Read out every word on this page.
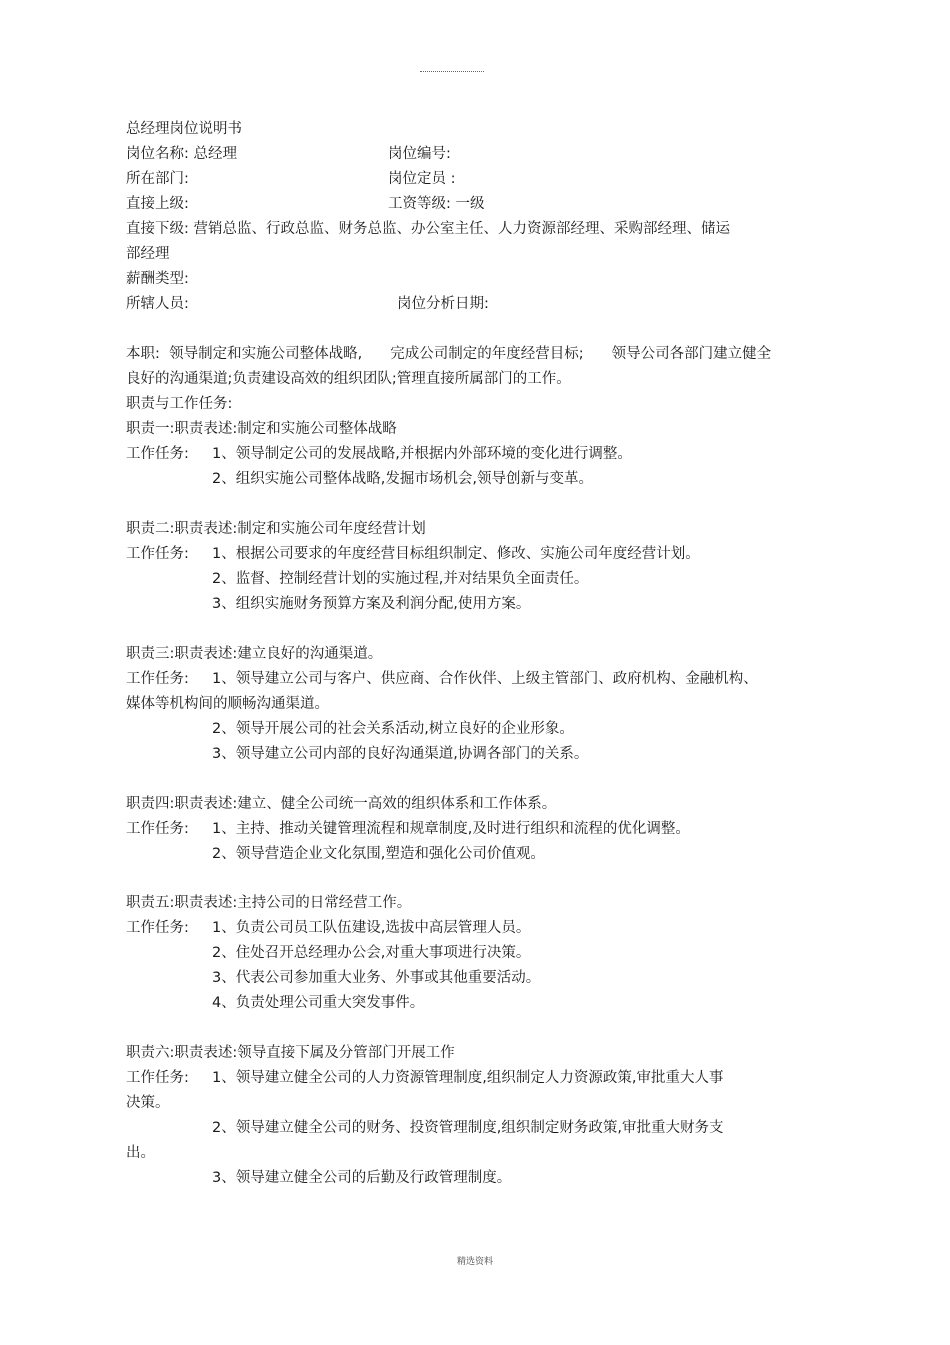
总经理岗位说明书

岗位名称: 总经理	岗位编号:

所在部门:	岗位定员 :

直接上级:	工资等级: 一级

直接下级: 营销总监、行政总监、财务总监、办公室主任、人力资源部经理、采购部经理、储运

部经理

薪酬类型:

所辖人员:	岗位分析日期:

本职: 领导制定和实施公司整体战略, 完成公司制定的年度经营目标; 领导公司各部门建立健全

良好的沟通渠道;负责建设高效的组织团队;管理直接所属部门的工作。

职责与工作任务:

职责一:职责表述:制定和实施公司整体战略

工作任务: 1、领导制定公司的发展战略,并根据内外部环境的变化进行调整。

2、组织实施公司整体战略,发掘市场机会,领导创新与变革。

职责二:职责表述:制定和实施公司年度经营计划

工作任务: 1、根据公司要求的年度经营目标组织制定、修改、实施公司年度经营计划。

2、监督、控制经营计划的实施过程,并对结果负全面责任。

3、组织实施财务预算方案及利润分配,使用方案。

职责三:职责表述:建立良好的沟通渠道。

工作任务: 1、领导建立公司与客户、供应商、合作伙伴、上级主管部门、政府机构、金融机构、

媒体等机构间的顺畅沟通渠道。

2、领导开展公司的社会关系活动,树立良好的企业形象。

3、领导建立公司内部的良好沟通渠道,协调各部门的关系。

职责四:职责表述:建立、健全公司统一高效的组织体系和工作体系。

工作任务: 1、主持、推动关键管理流程和规章制度,及时进行组织和流程的优化调整。

2、领导营造企业文化氛围,塑造和强化公司价值观。

职责五:职责表述:主持公司的日常经营工作。

工作任务: 1、负责公司员工队伍建设,选拔中高层管理人员。

2、住处召开总经理办公会,对重大事项进行决策。

3、代表公司参加重大业务、外事或其他重要活动。

4、负责处理公司重大突发事件。

职责六:职责表述:领导直接下属及分管部门开展工作

工作任务: 1、领导建立健全公司的人力资源管理制度,组织制定人力资源政策,审批重大人事

决策。

2、领导建立健全公司的财务、投资管理制度,组织制定财务政策,审批重大财务支

出。

3、领导建立健全公司的后勤及行政管理制度。

精选资料
